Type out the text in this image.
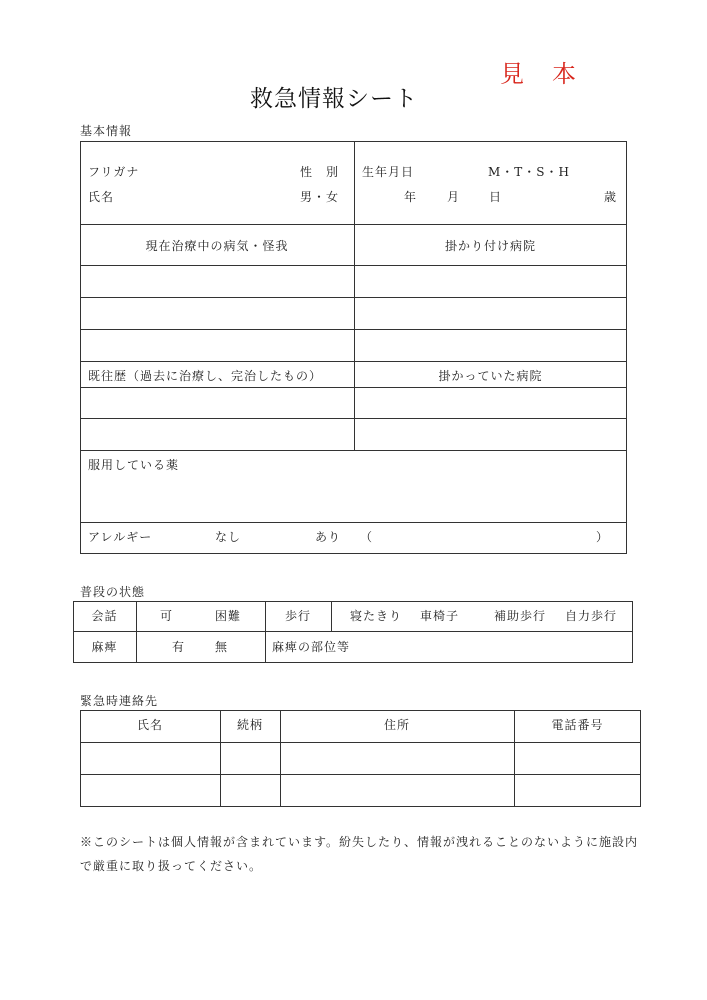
見　本
救急情報シート
基本情報
フリガナ	性　別
氏名	男・女
生年月日	M・T・S・H
年 月 日	歳
現在治療中の病気・怪我	掛かり付け病院
既往歴（過去に治療し、完治したもの）	掛かっていた病院
服用している薬
アレルギー	なし	あり （	）
普段の状態
会話	可	困難	歩行	寝たきり 車椅子	補助歩行 自力歩行
麻痺	有 無	麻痺の部位等
緊急時連絡先
氏名	続柄	住所	電話番号
※このシートは個人情報が含まれています。紛失したり、情報が洩れることのないように施設内で厳重に取り扱ってください。
